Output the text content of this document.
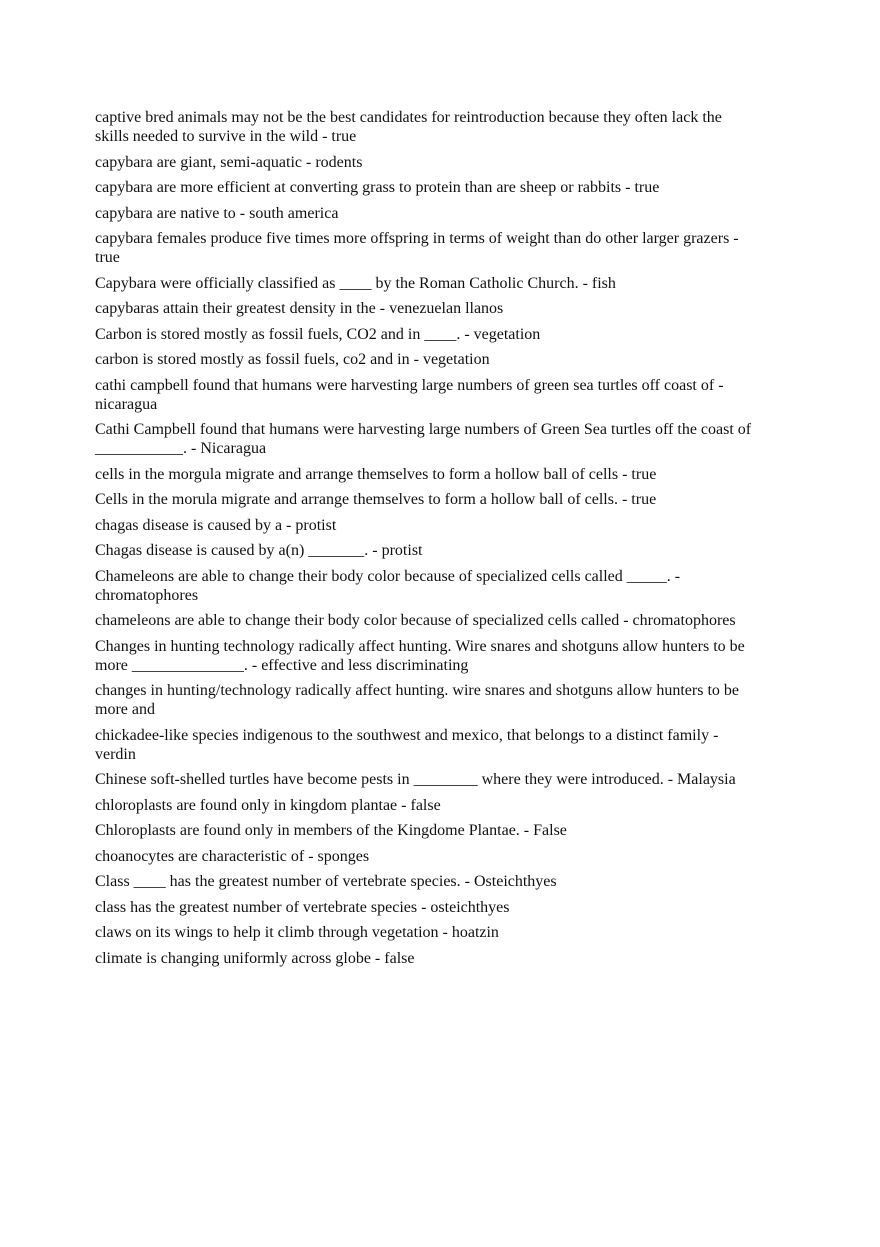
captive bred animals may not be the best candidates for reintroduction because they often lack the skills needed to survive in the wild - true

capybara are giant, semi-aquatic - rodents

capybara are more efficient at converting grass to protein than are sheep or rabbits - true

capybara are native to - south america

capybara females produce five times more offspring in terms of weight than do other larger grazers - true

Capybara were officially classified as ____ by the Roman Catholic Church. - fish

capybaras attain their greatest density in the - venezuelan llanos

Carbon is stored mostly as fossil fuels, CO2 and in ____. - vegetation

carbon is stored mostly as fossil fuels, co2 and in - vegetation

cathi campbell found that humans were harvesting large numbers of green sea turtles off coast of - nicaragua

Cathi Campbell found that humans were harvesting large numbers of Green Sea turtles off the coast of ___________. - Nicaragua

cells in the morgula migrate and arrange themselves to form a hollow ball of cells - true

Cells in the morula migrate and arrange themselves to form a hollow ball of cells. - true

chagas disease is caused by a - protist

Chagas disease is caused by a(n) _______. - protist

Chameleons are able to change their body color because of specialized cells called _____. - chromatophores

chameleons are able to change their body color because of specialized cells called - chromatophores

Changes in hunting technology radically affect hunting. Wire snares and shotguns allow hunters to be more ______________. - effective and less discriminating

changes in hunting/technology radically affect hunting. wire snares and shotguns allow hunters to be more and

chickadee-like species indigenous to the southwest and mexico, that belongs to a distinct family - verdin

Chinese soft-shelled turtles have become pests in ________ where they were introduced. - Malaysia

chloroplasts are found only in kingdom plantae - false

Chloroplasts are found only in members of the Kingdome Plantae. - False

choanocytes are characteristic of - sponges

Class ____ has the greatest number of vertebrate species. - Osteichthyes

class has the greatest number of vertebrate species - osteichthyes

claws on its wings to help it climb through vegetation - hoatzin

climate is changing uniformly across globe - false
